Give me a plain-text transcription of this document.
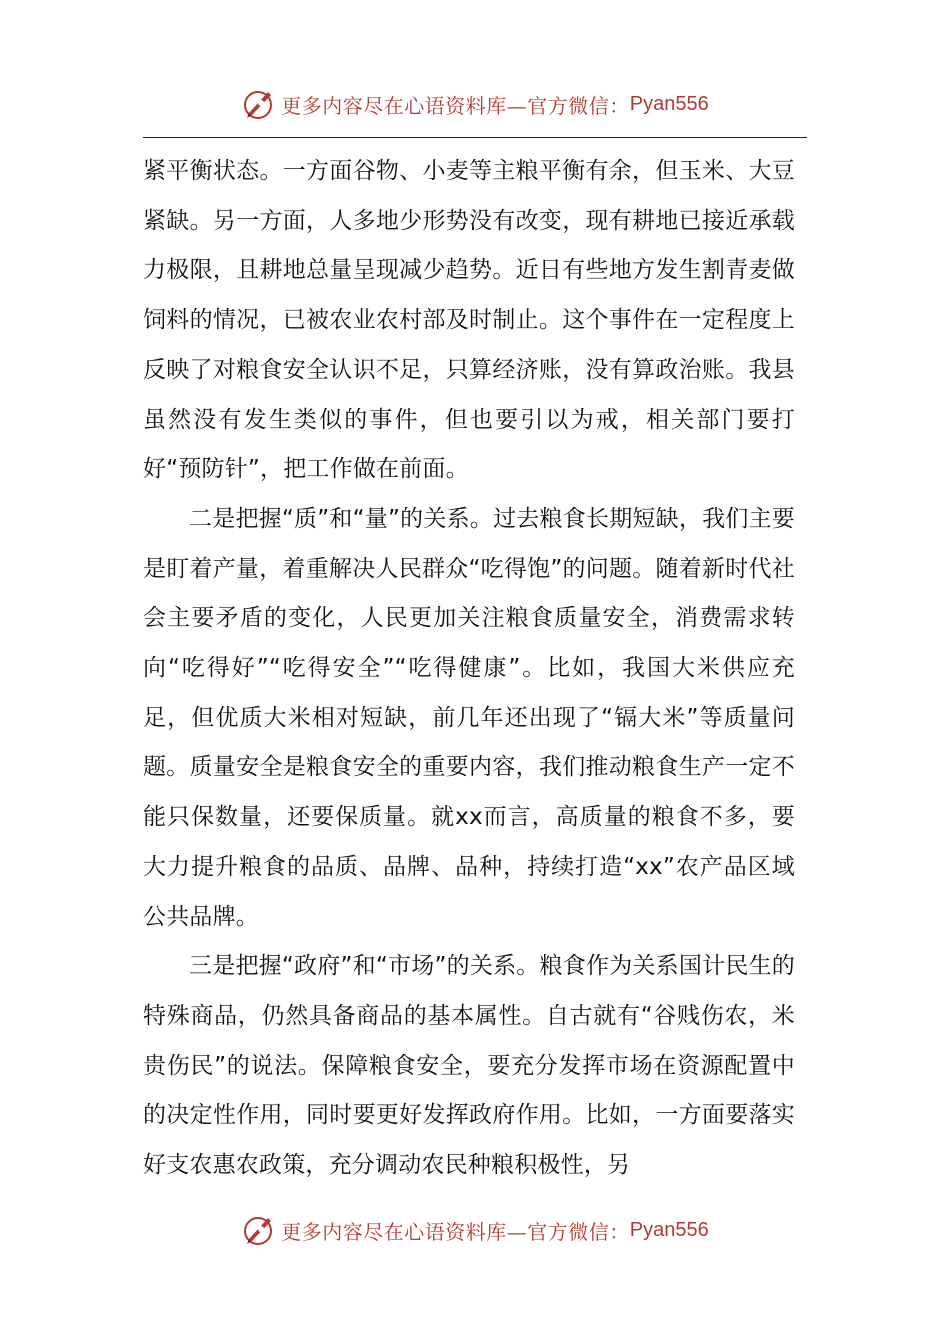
更多内容尽在心语资料库—官方微信： Pyan556

紧平衡状态。一方面谷物、小麦等主粮平衡有余，但玉米、大豆紧缺。另一方面，人多地少形势没有改变，现有耕地已接近承载力极限，且耕地总量呈现减少趋势。近日有些地方发生割青麦做饲料的情况，已被农业农村部及时制止。这个事件在一定程度上反映了对粮食安全认识不足，只算经济账，没有算政治账。我县虽然没有发生类似的事件，但也要引以为戒，相关部门要打好“预防针”，把工作做在前面。

二是把握“质”和“量”的关系。过去粮食长期短缺，我们主要是盯着产量，着重解决人民群众“吃得饱”的问题。随着新时代社会主要矛盾的变化，人民更加关注粮食质量安全，消费需求转向“吃得好”“吃得安全”“吃得健康”。比如，我国大米供应充足，但优质大米相对短缺，前几年还出现了“镉大米”等质量问题。质量安全是粮食安全的重要内容，我们推动粮食生产一定不能只保数量，还要保质量。就xx而言，高质量的粮食不多，要大力提升粮食的品质、品牌、品种，持续打造“xx”农产品区域公共品牌。

三是把握“政府”和“市场”的关系。粮食作为关系国计民生的特殊商品，仍然具备商品的基本属性。自古就有“谷贱伤农，米贵伤民”的说法。保障粮食安全，要充分发挥市场在资源配置中的决定性作用，同时要更好发挥政府作用。比如，一方面要落实好支农惠农政策，充分调动农民种粮积极性，另

更多内容尽在心语资料库—官方微信： Pyan556
